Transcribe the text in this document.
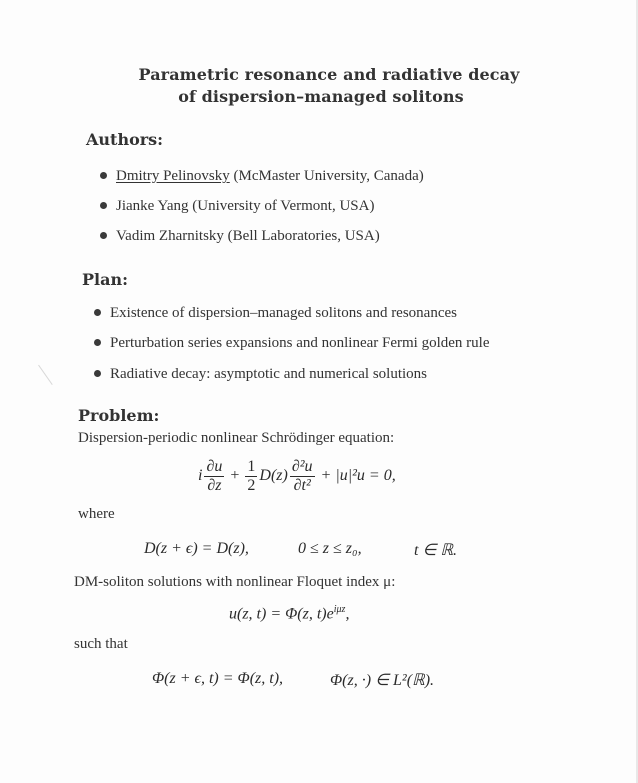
Parametric resonance and radiative decay
of dispersion–managed solitons
Authors:
Dmitry Pelinovsky (McMaster University, Canada)
Jianke Yang (University of Vermont, USA)
Vadim Zharnitsky (Bell Laboratories, USA)
Plan:
Existence of dispersion–managed solitons and resonances
Perturbation series expansions and nonlinear Fermi golden rule
Radiative decay: asymptotic and numerical solutions
Problem:
Dispersion-periodic nonlinear Schrödinger equation:
i $\frac{\partial u}{\partial z} + \frac{1}{2} D(z) \frac{\text{∂²u}}{\text{∂t²}} + |u|^2u = 0$,
where
D(z + ϵ) = D(z),	0 ≤ z ≤ z₀,	t ∈ ℝ.
DM-soliton solutions with nonlinear Floquet index μ:
u(z, t) = Φ(z, $t)e^{i\mu z}$,
such that
Φ(z + ϵ, t) = Φ(z, t),	Φ(z, ·) ∈ L²(ℝ).
